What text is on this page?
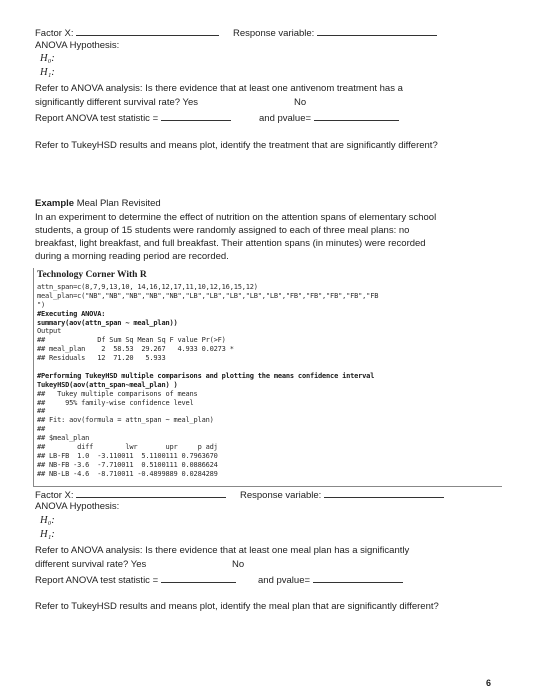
Factor X:	Response variable:
ANOVA Hypothesis:
H₀:
H₁:
Refer to ANOVA analysis: Is there evidence that at least one antivenom treatment has a
significantly different survival rate? Yes	No
Report ANOVA test statistic =	and pvalue=
Refer to TukeyHSD results and means plot, identify the treatment that are significantly different?
Example Meal Plan Revisited
In an experiment to determine the effect of nutrition on the attention spans of elementary school
students, a group of 15 students were randomly assigned to each of three meal plans: no
breakfast, light breakfast, and full breakfast. Their attention spans (in minutes) were recorded
during a morning reading period are recorded.
Technology Corner With R
attn_span=c(8,7,9,13,10, 14,16,12,17,11,10,12,16,15,12)
meal_plan=c("NB","NB","NB","NB","NB","LB","LB","LB","LB","LB","FB","FB","FB","FB","FB
")
#Executing ANOVA:
summary(aov(attn_span ~ meal_plan))
Output
##             Df Sum Sq Mean Sq F value Pr(>F)
## meal_plan    2  58.53  29.267   4.933 0.0273 *
## Residuals   12  71.20   5.933
#Performing TukeyHSD multiple comparisons and plotting the means confidence interval
TukeyHSD(aov(attn_span~meal_plan) )
##   Tukey multiple comparisons of means
##     95% family-wise confidence level
##
## Fit: aov(formula = attn_span ~ meal_plan)
##
## $meal_plan
##        diff        lwr       upr     p adj
## LB-FB  1.0  -3.110011  5.1100111 0.7963670
## NB-FB -3.6  -7.710011  0.5100111 0.0886624
## NB-LB -4.6  -8.710011 -0.4899889 0.0284289
Factor X:	Response variable:
ANOVA Hypothesis:
H₀:
H₁:
Refer to ANOVA analysis: Is there evidence that at least one meal plan has a significantly
different survival rate? Yes	No
Report ANOVA test statistic =	and pvalue=
Refer to TukeyHSD results and means plot, identify the meal plan that are significantly different?
6
